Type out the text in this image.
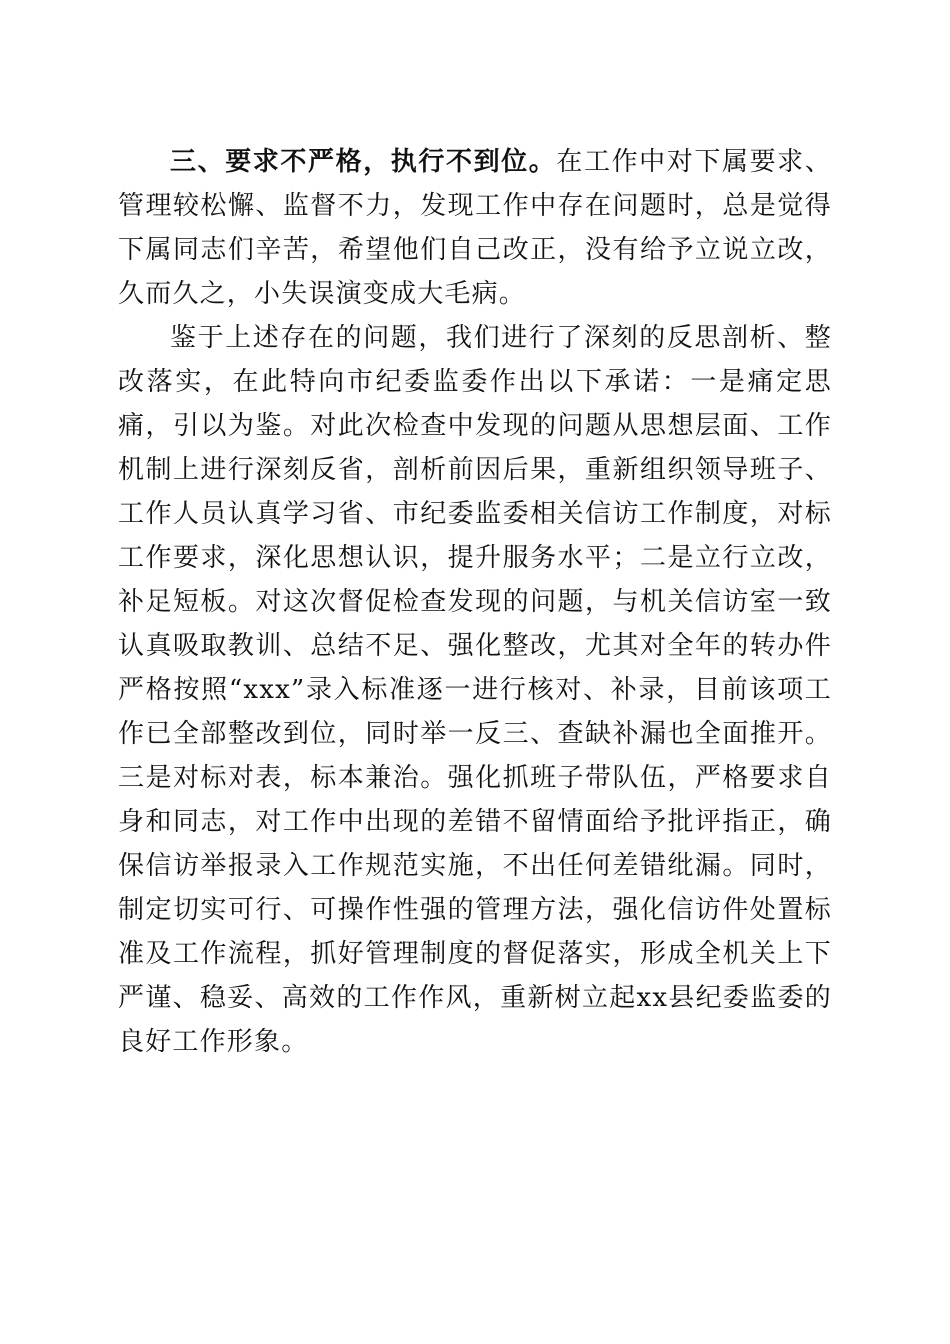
三、要求不严格，执行不到位。在工作中对下属要求、管理较松懈、监督不力，发现工作中存在问题时，总是觉得下属同志们辛苦，希望他们自己改正，没有给予立说立改，久而久之，小失误演变成大毛病。

鉴于上述存在的问题，我们进行了深刻的反思剖析、整改落实，在此特向市纪委监委作出以下承诺：一是痛定思痛，引以为鉴。对此次检查中发现的问题从思想层面、工作机制上进行深刻反省，剖析前因后果，重新组织领导班子、工作人员认真学习省、市纪委监委相关信访工作制度，对标工作要求，深化思想认识，提升服务水平；二是立行立改，补足短板。对这次督促检查发现的问题，与机关信访室一致认真吸取教训、总结不足、强化整改，尤其对全年的转办件严格按照“xxx”录入标准逐一进行核对、补录，目前该项工作已全部整改到位，同时举一反三、查缺补漏也全面推开。三是对标对表，标本兼治。强化抓班子带队伍，严格要求自身和同志，对工作中出现的差错不留情面给予批评指正，确保信访举报录入工作规范实施，不出任何差错纰漏。同时，制定切实可行、可操作性强的管理方法，强化信访件处置标准及工作流程，抓好管理制度的督促落实，形成全机关上下严谨、稳妥、高效的工作作风，重新树立起xx县纪委监委的良好工作形象。
